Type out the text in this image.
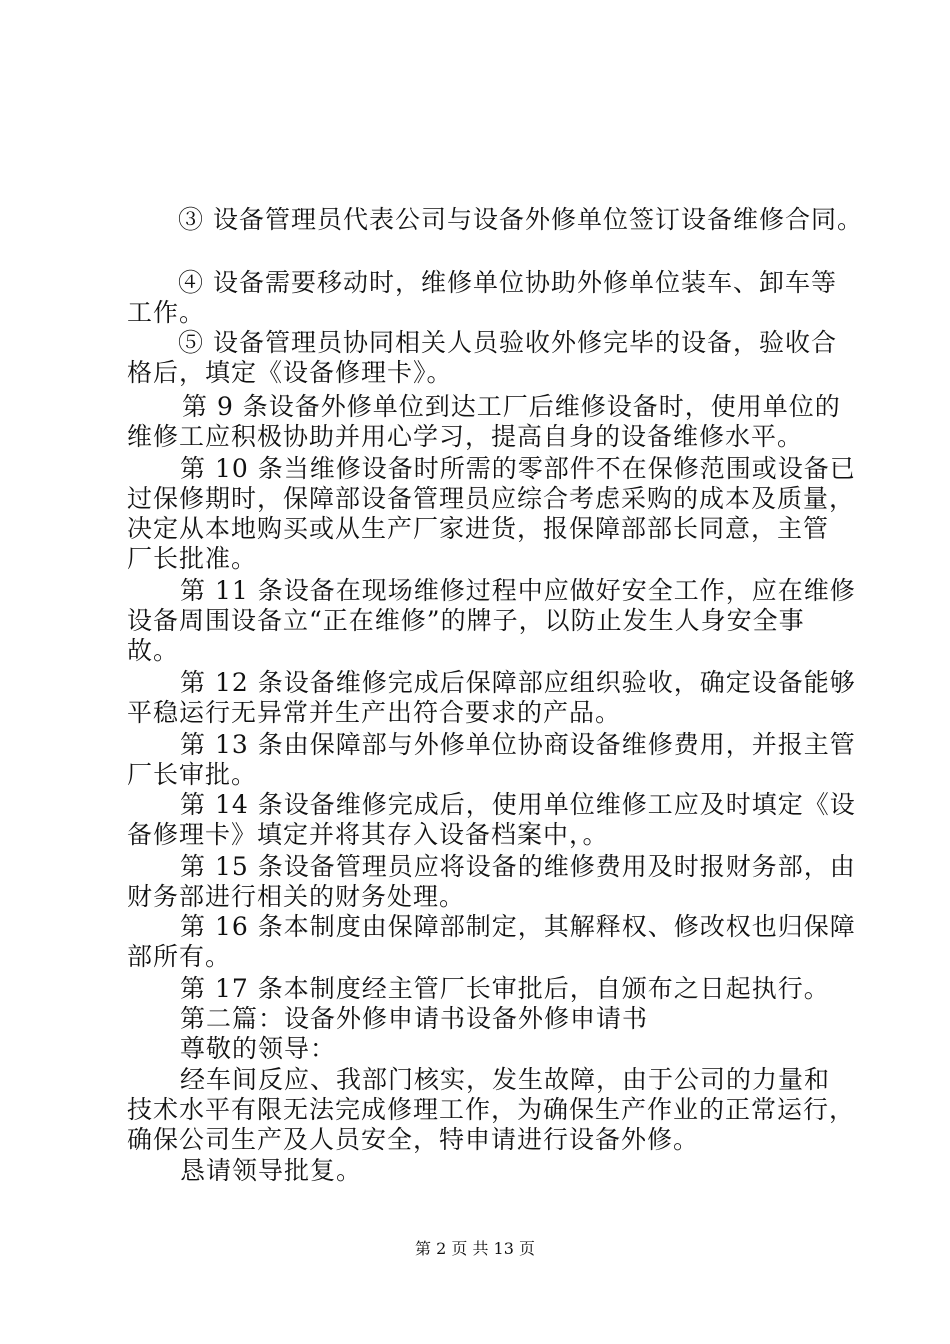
③ 设备管理员代表公司与设备外修单位签订设备维修合同。
④ 设备需要移动时，维修单位协助外修单位装车、卸车等
工作。
⑤ 设备管理员协同相关人员验收外修完毕的设备，验收合
格后，填定《设备修理卡》。
第 9 条设备外修单位到达工厂后维修设备时，使用单位的
维修工应积极协助并用心学习，提高自身的设备维修水平。
第 10 条当维修设备时所需的零部件不在保修范围或设备已
过保修期时，保障部设备管理员应综合考虑采购的成本及质量，
决定从本地购买或从生产厂家进货，报保障部部长同意，主管
厂长批准。
第 11 条设备在现场维修过程中应做好安全工作，应在维修
设备周围设备立“正在维修”的牌子，以防止发生人身安全事
故。
第 12 条设备维修完成后保障部应组织验收，确定设备能够
平稳运行无异常并生产出符合要求的产品。
第 13 条由保障部与外修单位协商设备维修费用，并报主管
厂长审批。
第 14 条设备维修完成后，使用单位维修工应及时填定《设
备修理卡》填定并将其存入设备档案中，。
第 15 条设备管理员应将设备的维修费用及时报财务部，由
财务部进行相关的财务处理。
第 16 条本制度由保障部制定，其解释权、修改权也归保障
部所有。
第 17 条本制度经主管厂长审批后，自颁布之日起执行。
第二篇：设备外修申请书设备外修申请书
尊敬的领导：
经车间反应、我部门核实，发生故障，由于公司的力量和
技术水平有限无法完成修理工作，为确保生产作业的正常运行，
确保公司生产及人员安全，特申请进行设备外修。
恳请领导批复。
第 2 页 共 13 页
